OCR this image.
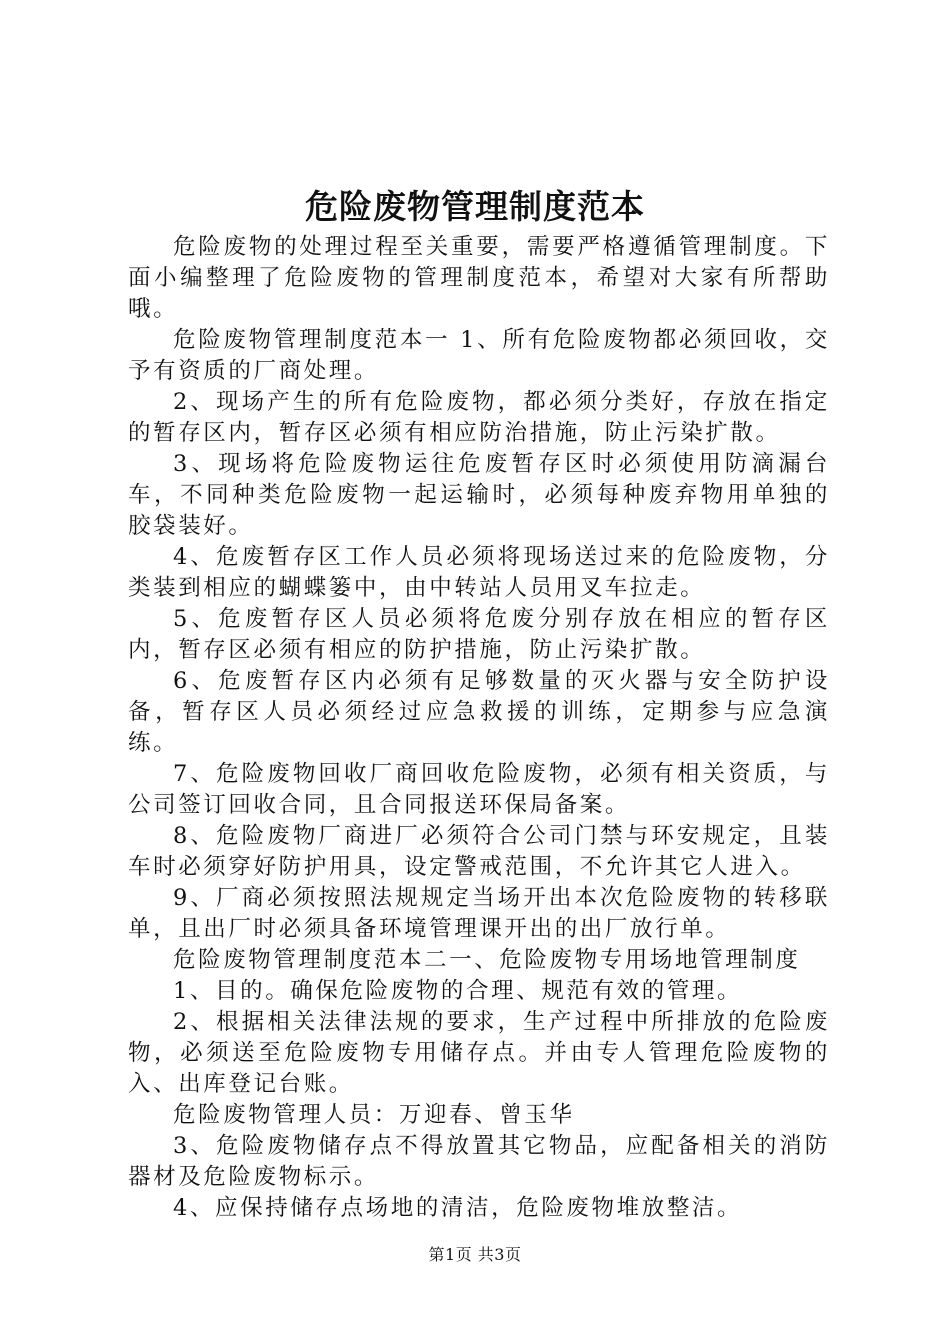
危险废物管理制度范本

危险废物的处理过程至关重要，需要严格遵循管理制度。下面小编整理了危险废物的管理制度范本，希望对大家有所帮助哦。

危险废物管理制度范本一 1、所有危险废物都必须回收，交予有资质的厂商处理。

2、现场产生的所有危险废物，都必须分类好，存放在指定的暂存区内，暂存区必须有相应防治措施，防止污染扩散。

3、现场将危险废物运往危废暂存区时必须使用防滴漏台车，不同种类危险废物一起运输时，必须每种废弃物用单独的胶袋装好。

4、危废暂存区工作人员必须将现场送过来的危险废物，分类装到相应的蝴蝶篓中，由中转站人员用叉车拉走。

5、危废暂存区人员必须将危废分别存放在相应的暂存区内，暂存区必须有相应的防护措施，防止污染扩散。

6、危废暂存区内必须有足够数量的灭火器与安全防护设备，暂存区人员必须经过应急救援的训练，定期参与应急演练。

7、危险废物回收厂商回收危险废物，必须有相关资质，与公司签订回收合同，且合同报送环保局备案。

8、危险废物厂商进厂必须符合公司门禁与环安规定，且装车时必须穿好防护用具，设定警戒范围，不允许其它人进入。

9、厂商必须按照法规规定当场开出本次危险废物的转移联单，且出厂时必须具备环境管理课开出的出厂放行单。

危险废物管理制度范本二一、危险废物专用场地管理制度

1、目的。确保危险废物的合理、规范有效的管理。

2、根据相关法律法规的要求，生产过程中所排放的危险废物，必须送至危险废物专用储存点。并由专人管理危险废物的入、出库登记台账。

危险废物管理人员：万迎春、曾玉华

3、危险废物储存点不得放置其它物品，应配备相关的消防器材及危险废物标示。

4、应保持储存点场地的清洁，危险废物堆放整洁。

第1页 共3页
